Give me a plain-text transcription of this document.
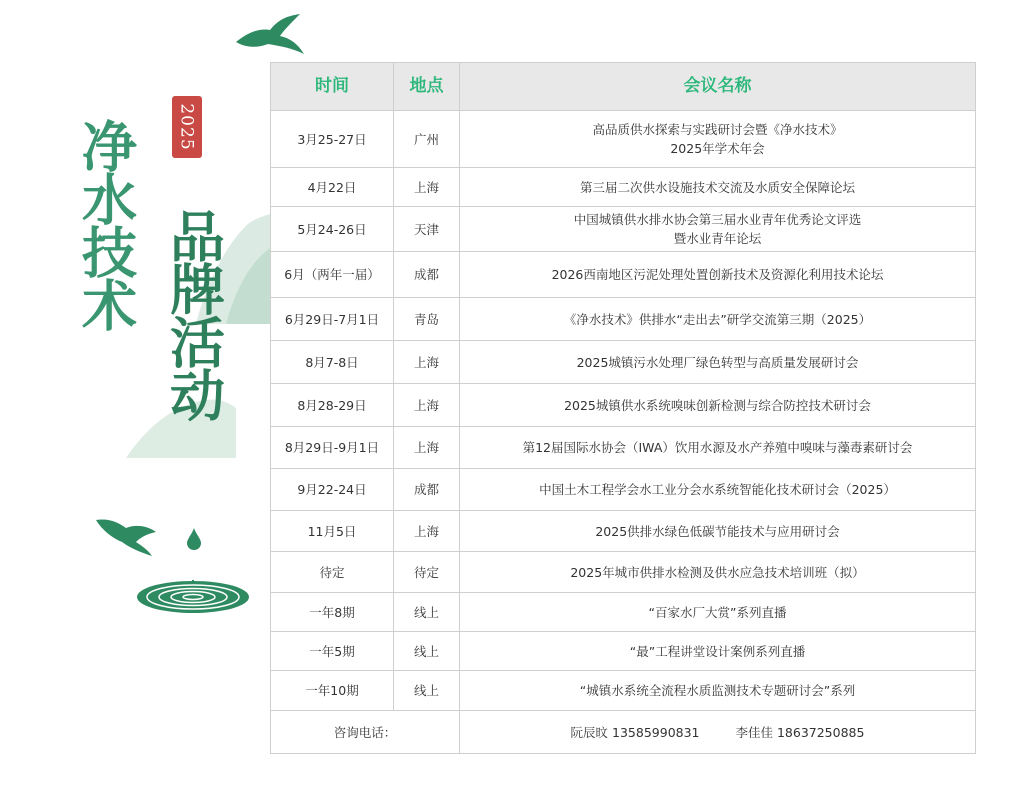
2025
净水技术 品牌活动
时间	地点	会议名称
3月25-27日	广州	高品质供水探索与实践研讨会暨《净水技术》
2025年学术年会
4月22日	上海	第三届二次供水设施技术交流及水质安全保障论坛
5月24-26日	天津	中国城镇供水排水协会第三届水业青年优秀论文评选
暨水业青年论坛
6月（两年一届）	成都	2026西南地区污泥处理处置创新技术及资源化利用技术论坛
6月29日-7月1日	青岛	《净水技术》供排水“走出去”研学交流第三期（2025）
8月7-8日	上海	2025城镇污水处理厂绿色转型与高质量发展研讨会
8月28-29日	上海	2025城镇供水系统嗅味创新检测与综合防控技术研讨会
8月29日-9月1日	上海	第12届国际水协会（IWA）饮用水源及水产养殖中嗅味与藻毒素研讨会
9月22-24日	成都	中国土木工程学会水工业分会水系统智能化技术研讨会（2025）
11月5日	上海	2025供排水绿色低碳节能技术与应用研讨会
待定	待定	2025年城市供排水检测及供水应急技术培训班（拟）
一年8期	线上	“百家水厂大赏”系列直播
一年5期	线上	“最”工程讲堂设计案例系列直播
一年10期	线上	“城镇水系统全流程水质监测技术专题研讨会”系列
咨询电话：		阮辰旼 13585990831 李佳佳 18637250885
